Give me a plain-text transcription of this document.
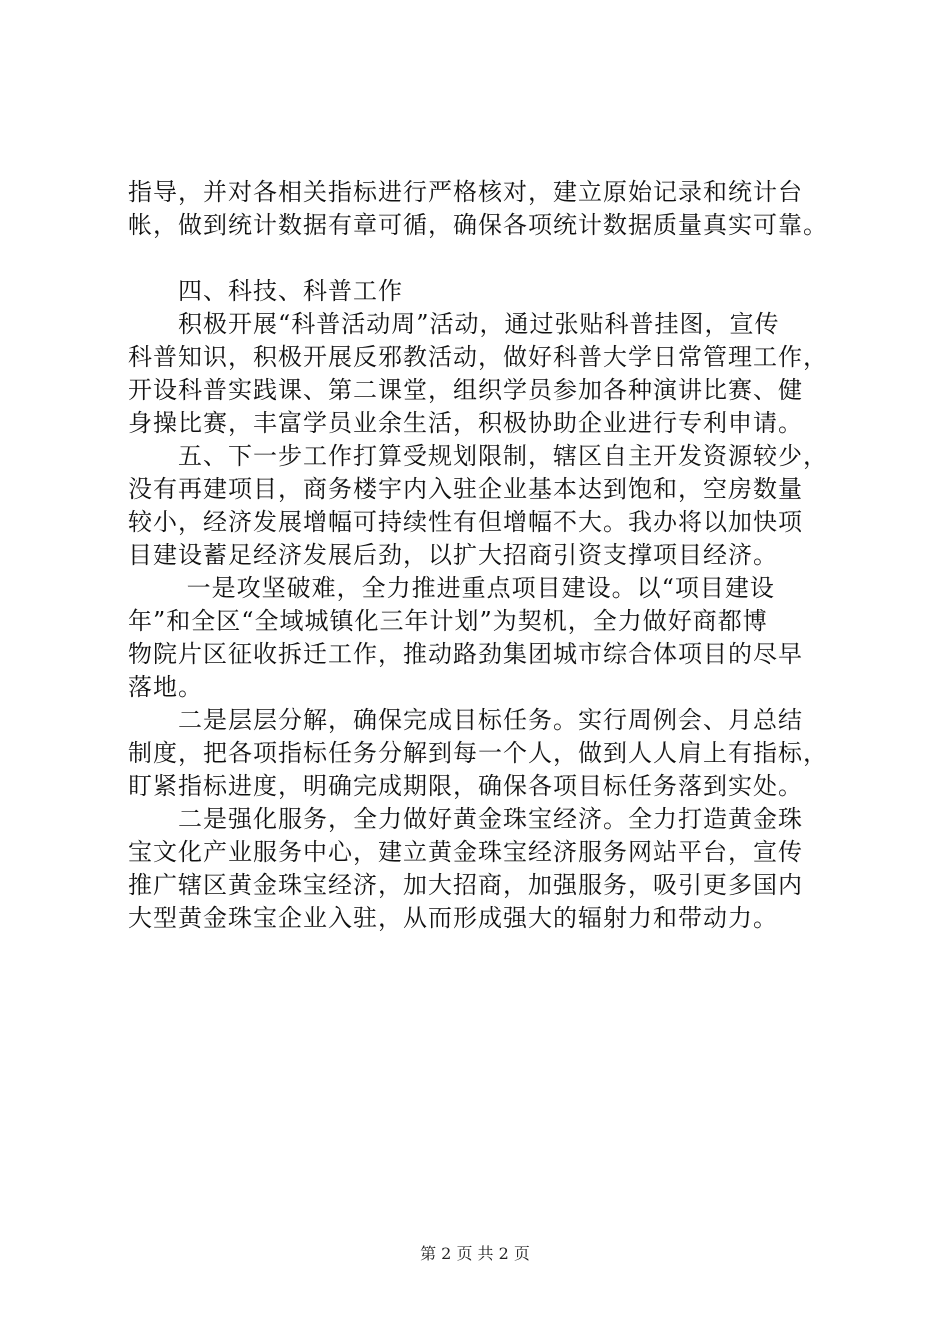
指导，并对各相关指标进行严格核对，建立原始记录和统计台
帐，做到统计数据有章可循，确保各项统计数据质量真实可靠。
　　四、科技、科普工作
　　积极开展“科普活动周”活动，通过张贴科普挂图，宣传
科普知识，积极开展反邪教活动，做好科普大学日常管理工作，
开设科普实践课、第二课堂，组织学员参加各种演讲比赛、健
身操比赛，丰富学员业余生活，积极协助企业进行专利申请。
　　五、下一步工作打算受规划限制，辖区自主开发资源较少，
没有再建项目，商务楼宇内入驻企业基本达到饱和，空房数量
较小，经济发展增幅可持续性有但增幅不大。我办将以加快项
目建设蓄足经济发展后劲，以扩大招商引资支撑项目经济。
　　 一是攻坚破难，全力推进重点项目建设。以“项目建设
年”和全区“全域城镇化三年计划”为契机，全力做好商都博
物院片区征收拆迁工作，推动路劲集团城市综合体项目的尽早
落地。
　　二是层层分解，确保完成目标任务。实行周例会、月总结
制度，把各项指标任务分解到每一个人，做到人人肩上有指标，
盯紧指标进度，明确完成期限，确保各项目标任务落到实处。
　　二是强化服务，全力做好黄金珠宝经济。全力打造黄金珠
宝文化产业服务中心，建立黄金珠宝经济服务网站平台，宣传
推广辖区黄金珠宝经济，加大招商，加强服务，吸引更多国内
大型黄金珠宝企业入驻，从而形成强大的辐射力和带动力。
第 2 页 共 2 页
